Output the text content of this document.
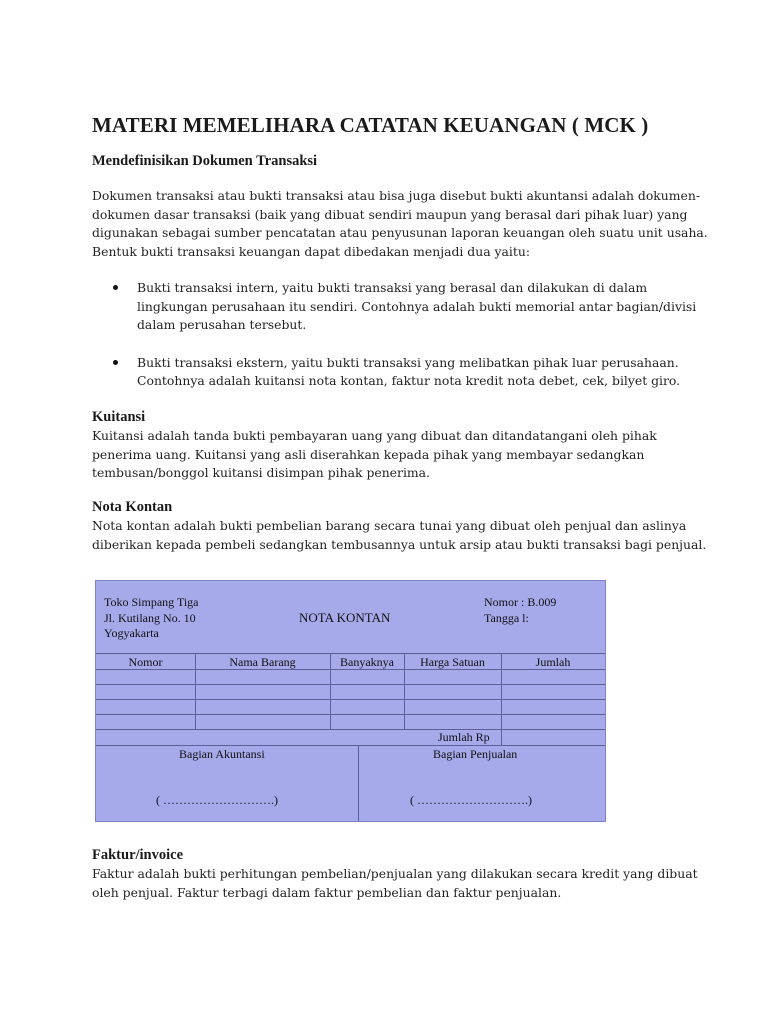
MATERI MEMELIHARA CATATAN KEUANGAN ( MCK )
Mendefinisikan Dokumen Transaksi

Dokumen transaksi atau bukti transaksi atau bisa juga disebut bukti akuntansi adalah dokumen-
dokumen dasar transaksi (baik yang dibuat sendiri maupun yang berasal dari pihak luar) yang
digunakan sebagai sumber pencatatan atau penyusunan laporan keuangan oleh suatu unit usaha.
Bentuk bukti transaksi keuangan dapat dibedakan menjadi dua yaitu:

Bukti transaksi intern, yaitu bukti transaksi yang berasal dan dilakukan di dalam
lingkungan perusahaan itu sendiri. Contohnya adalah bukti memorial antar bagian/divisi
dalam perusahan tersebut.
Bukti transaksi ekstern, yaitu bukti transaksi yang melibatkan pihak luar perusahaan.
Contohnya adalah kuitansi nota kontan, faktur nota kredit nota debet, cek, bilyet giro.
Kuitansi

Kuitansi adalah tanda bukti pembayaran uang yang dibuat dan ditandatangani oleh pihak
penerima uang. Kuitansi yang asli diserahkan kepada pihak yang membayar sedangkan
tembusan/bonggol kuitansi disimpan pihak penerima.

Nota Kontan

Nota kontan adalah bukti pembelian barang secara tunai yang dibuat oleh penjual dan aslinya
diberikan kepada pembeli sedangkan tembusannya untuk arsip atau bukti transaksi bagi penjual.

Toko Simpang Tiga
Jl. Kutilang No. 10
Yogyakarta
NOTA KONTAN
Nomor : B.009
Tangga l:
Nomor	Nama Barang	Banyaknya	Harga Satuan	Jumlah
Jumlah Rp
Bagian Akuntansi	Bagian Penjualan
( ……………………….)	( ……………………….)
Faktur/invoice

Faktur adalah bukti perhitungan pembelian/penjualan yang dilakukan secara kredit yang dibuat
oleh penjual. Faktur terbagi dalam faktur pembelian dan faktur penjualan.
